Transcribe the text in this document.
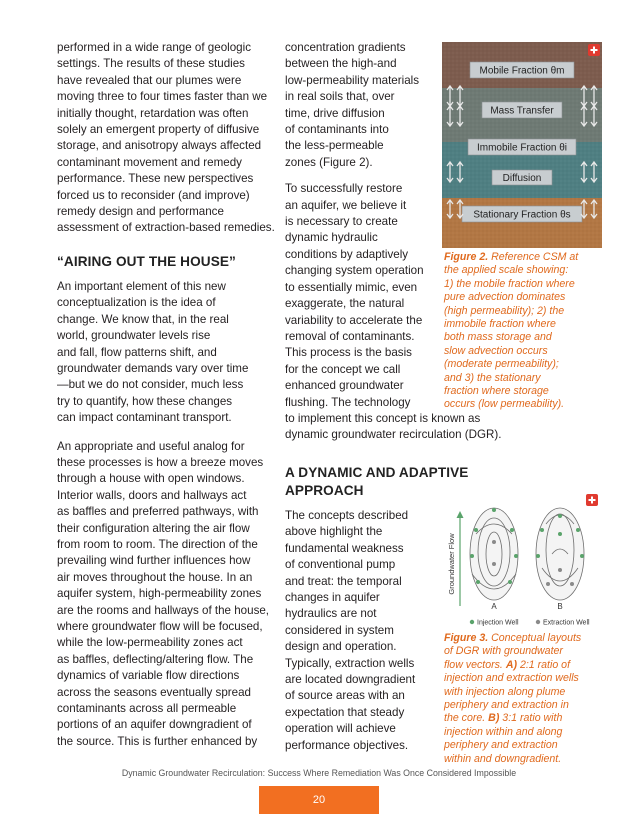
performed in a wide range of geologic
settings. The results of these studies
have revealed that our plumes were
moving three to four times faster than we
initially thought, retardation was often
solely an emergent property of diffusive
storage, and anisotropy always affected
contaminant movement and remedy
performance. These new perspectives
forced us to reconsider (and improve)
remedy design and performance
assessment of extraction-based remedies.

“AIRING OUT THE HOUSE”

An important element of this new
conceptualization is the idea of
change. We know that, in the real
world, groundwater levels rise
and fall, flow patterns shift, and
groundwater demands vary over time
—but we do not consider, much less
try to quantify, how these changes
can impact contaminant transport.

An appropriate and useful analog for
these processes is how a breeze moves
through a house with open windows.
Interior walls, doors and hallways act
as baffles and preferred pathways, with
their configuration altering the air flow
from room to room. The direction of the
prevailing wind further influences how
air moves throughout the house. In an
aquifer system, high-permeability zones
are the rooms and hallways of the house,
where groundwater flow will be focused,
while the low-permeability zones act
as baffles, deflecting/altering flow. The
dynamics of variable flow directions
across the seasons eventually spread
contaminants across all permeable
portions of an aquifer downgradient of
the source. This is further enhanced by

concentration gradients
between the high-and
low-permeability materials
in real soils that, over
time, drive diffusion
of contaminants into
the less-permeable
zones (Figure 2).

To successfully restore
an aquifer, we believe it
is necessary to create
dynamic hydraulic
conditions by adaptively
changing system operation
to essentially mimic, even
exaggerate, the natural
variability to accelerate the
removal of contaminants.
This process is the basis
for the concept we call
enhanced groundwater
flushing. The technology
to implement this concept is known as
dynamic groundwater recirculation (DGR).

A DYNAMIC AND ADAPTIVE
APPROACH

The concepts described
above highlight the
fundamental weakness
of conventional pump
and treat: the temporal
changes in aquifer
hydraulics are not
considered in system
design and operation.
Typically, extraction wells
are located downgradient
of source areas with an
expectation that steady
operation will achieve
performance objectives.

Mobile Fraction θm
Mass Transfer
Immobile Fraction θi
Diffusion
Stationary Fraction θs
Figure 2. Reference CSM at
the applied scale showing:
1) the mobile fraction where
pure advection dominates
(high permeability); 2) the
immobile fraction where
both mass storage and
slow advection occurs
(moderate permeability);
and 3) the stationary
fraction where storage
occurs (low permeability).
Groundwater Flow
A	B
Injection Well	Extraction Well
Figure 3. Conceptual layouts
of DGR with groundwater
flow vectors. A) 2:1 ratio of
injection and extraction wells
with injection along plume
periphery and extraction in
the core. B) 3:1 ratio with
injection within and along
periphery and extraction
within and downgradient.
Dynamic Groundwater Recirculation: Success Where Remediation Was Once Considered Impossible
20
